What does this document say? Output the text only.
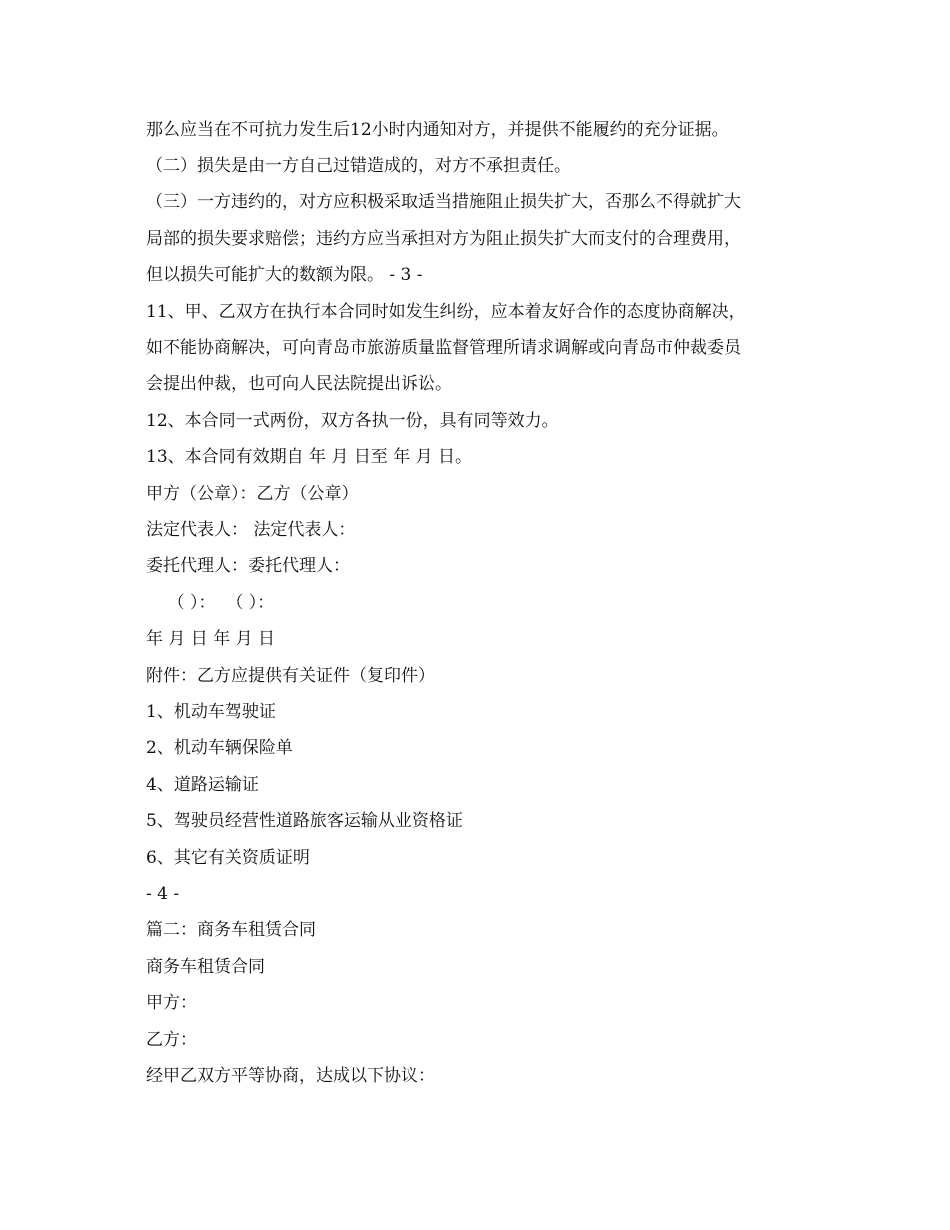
那么应当在不可抗力发生后12小时内通知对方，并提供不能履约的充分证据。
（二）损失是由一方自己过错造成的，对方不承担责任。
（三）一方违约的，对方应积极采取适当措施阻止损失扩大，否那么不得就扩大
局部的损失要求赔偿；违约方应当承担对方为阻止损失扩大而支付的合理费用，
但以损失可能扩大的数额为限。 - 3 -
11、甲、乙双方在执行本合同时如发生纠纷，应本着友好合作的态度协商解决，
如不能协商解决，可向青岛市旅游质量监督管理所请求调解或向青岛市仲裁委员
会提出仲裁，也可向人民法院提出诉讼。
12、本合同一式两份，双方各执一份，具有同等效力。
13、本合同有效期自 年 月 日至 年 月 日。
甲方（公章）：乙方（公章）
法定代表人： 法定代表人：
委托代理人：委托代理人：
（ ）：  （ ）：
年 月 日 年 月 日
附件：乙方应提供有关证件（复印件）
1、机动车驾驶证
2、机动车辆保险单
4、道路运输证
5、驾驶员经营性道路旅客运输从业资格证
6、其它有关资质证明
- 4 -
篇二：商务车租赁合同
商务车租赁合同
甲方：
乙方：
经甲乙双方平等协商，达成以下协议：
